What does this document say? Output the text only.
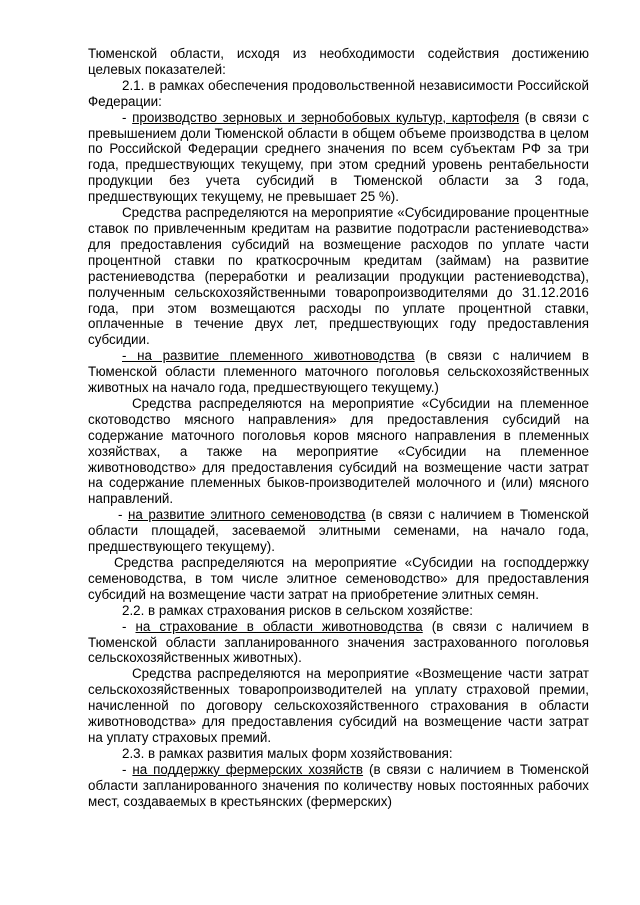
Тюменской области, исходя из необходимости содействия достижению целевых показателей:

2.1. в рамках обеспечения продовольственной независимости Российской Федерации:

- производство зерновых и зернобобовых культур, картофеля (в связи с превышением доли Тюменской области в общем объеме производства в целом по Российской Федерации среднего значения по всем субъектам РФ за три года, предшествующих текущему, при этом средний уровень рентабельности продукции без учета субсидий в Тюменской области за 3 года, предшествующих текущему, не превышает 25 %).

Средства распределяются на мероприятие «Субсидирование процентные ставок по привлеченным кредитам на развитие подотрасли растениеводства» для предоставления субсидий на возмещение расходов по уплате части процентной ставки по краткосрочным кредитам (займам) на развитие растениеводства (переработки и реализации продукции растениеводства), полученным сельскохозяйственными товаропроизводителями до 31.12.2016 года, при этом возмещаются расходы по уплате процентной ставки, оплаченные в течение двух лет, предшествующих году предоставления субсидии.

- на развитие племенного животноводства (в связи с наличием в Тюменской области племенного маточного поголовья сельскохозяйственных животных на начало года, предшествующего текущему.)

Средства распределяются на мероприятие «Субсидии на племенное скотоводство мясного направления» для предоставления субсидий на содержание маточного поголовья коров мясного направления в племенных хозяйствах, а также на мероприятие «Субсидии на племенное животноводство» для предоставления субсидий на возмещение части затрат на содержание племенных быков-производителей молочного и (или) мясного направлений.

- на развитие элитного семеноводства (в связи с наличием в Тюменской области площадей, засеваемой элитными семенами, на начало года, предшествующего текущему).

Средства распределяются на мероприятие «Субсидии на господдержку семеноводства, в том числе элитное семеноводство» для предоставления субсидий на возмещение части затрат на приобретение элитных семян.

2.2. в рамках страхования рисков в сельском хозяйстве:

- на страхование в области животноводства (в связи с наличием в Тюменской области запланированного значения застрахованного поголовья сельскохозяйственных животных).

Средства распределяются на мероприятие «Возмещение части затрат сельскохозяйственных товаропроизводителей на уплату страховой премии, начисленной по договору сельскохозяйственного страхования в области животноводства» для предоставления субсидий на возмещение части затрат на уплату страховых премий.

2.3. в рамках развития малых форм хозяйствования:

- на поддержку фермерских хозяйств (в связи с наличием в Тюменской области запланированного значения по количеству новых постоянных рабочих мест, создаваемых в крестьянских (фермерских)
